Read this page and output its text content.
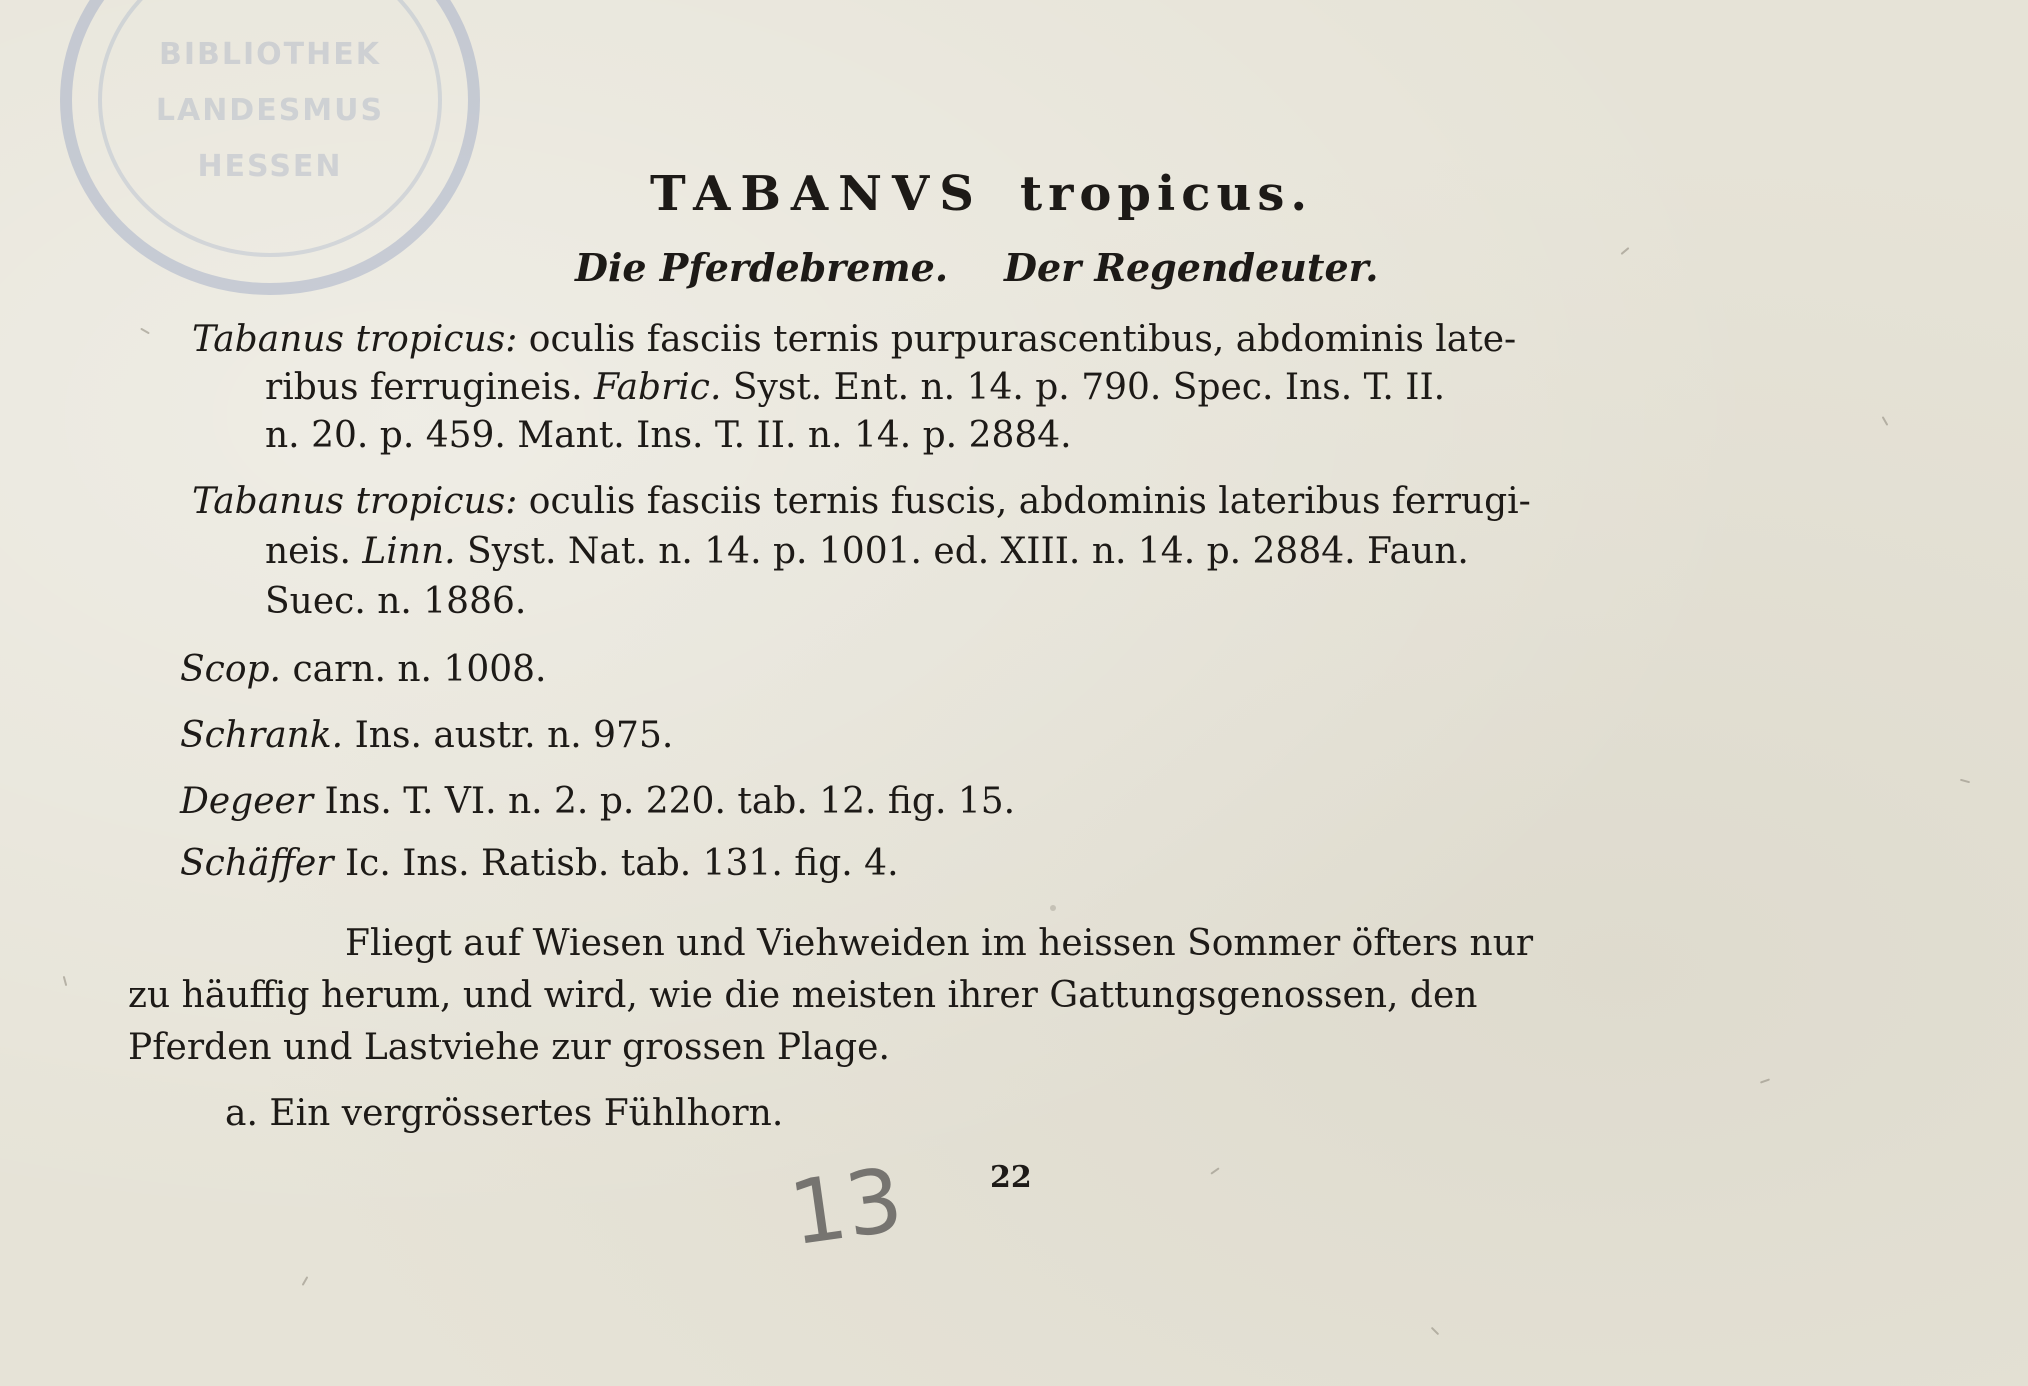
BIBLIOTHEK
LANDESMUS
HESSEN	TABANVS tropicus.
Die Pferdebreme. Der Regendeuter.
Tabanus tropicus: oculis fasciis ternis purpurascentibus, abdominis late-
ribus ferrugineis. Fabric. Syst. Ent. n. 14. p. 790. Spec. Ins. T. II.
n. 20. p. 459. Mant. Ins. T. II. n. 14. p. 2884.
Tabanus tropicus: oculis fasciis ternis fuscis, abdominis lateribus ferrugi-
neis. Linn. Syst. Nat. n. 14. p. 1001. ed. XIII. n. 14. p. 2884. Faun.
Suec. n. 1886.
Scop. carn. n. 1008.
Schrank. Ins. austr. n. 975.
Degeer Ins. T. VI. n. 2. p. 220. tab. 12. fig. 15.
Schäffer Ic. Ins. Ratisb. tab. 131. fig. 4.
Fliegt auf Wiesen und Viehweiden im heissen Sommer öfters nur
zu häuffig herum, und wird, wie die meisten ihrer Gattungsgenossen, den
Pferden und Lastviehe zur grossen Plage.
a. Ein vergrössertes Fühlhorn.
13	22
